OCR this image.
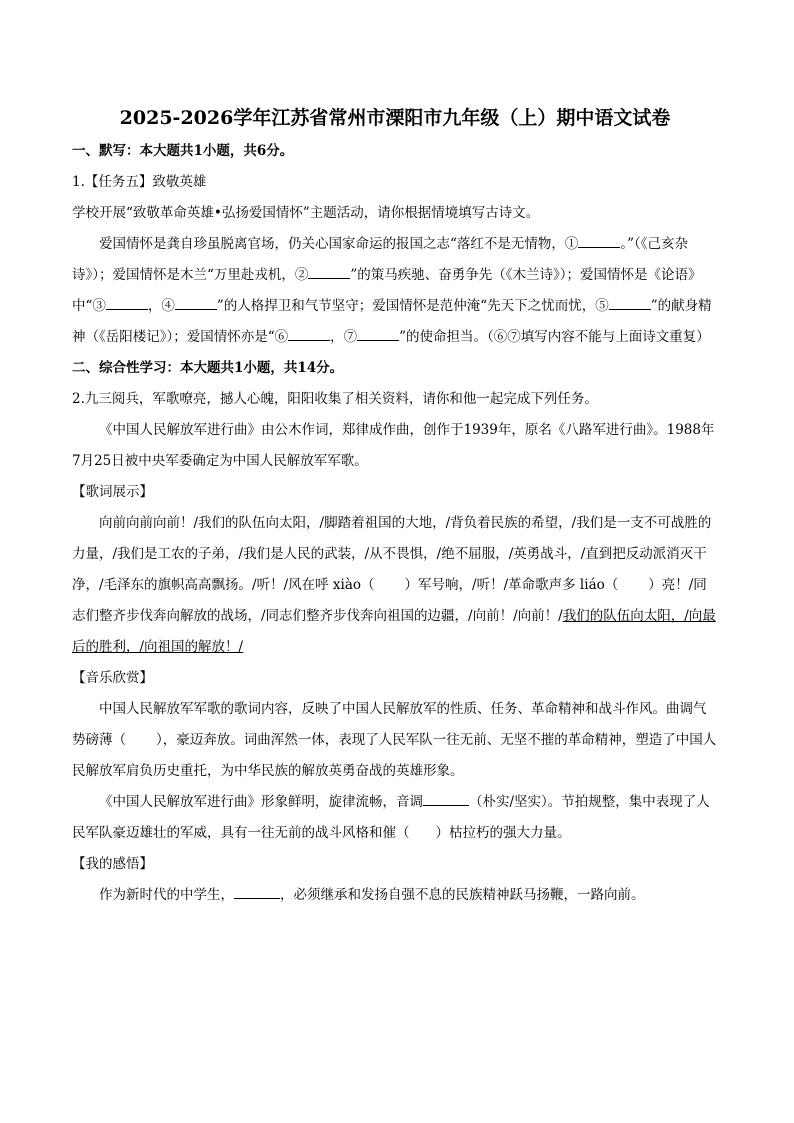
2025-2026学年江苏省常州市溧阳市九年级（上）期中语文试卷

一、默写：本大题共1小题，共6分。

1.【任务五】致敬英雄

学校开展“致敬革命英雄•弘扬爱国情怀”主题活动，请你根据情境填写古诗文。

爱国情怀是龚自珍虽脱离官场，仍关心国家命运的报国之志“落红不是无情物，①	。”（《己亥杂诗》）；爱国情怀是木兰“万里赴戎机，②	”的策马疾驰、奋勇争先（《木兰诗》）；爱国情怀是《论语》中“③	，④	”的人格捍卫和气节坚守；爱国情怀是范仲淹“先天下之忧而忧，⑤	”的献身精神（《岳阳楼记》）；爱国情怀亦是“⑥	，⑦	”的使命担当。（⑥⑦填写内容不能与上面诗文重复）

二、综合性学习：本大题共1小题，共14分。

2.九三阅兵，军歌嘹亮，撼人心魄，阳阳收集了相关资料，请你和他一起完成下列任务。

《中国人民解放军进行曲》由公木作词，郑律成作曲，创作于1939年，原名《八路军进行曲》。1988年7月25日被中央军委确定为中国人民解放军军歌。

【歌词展示】

向前向前向前！/我们的队伍向太阳，/脚踏着祖国的大地，/背负着民族的希望，/我们是一支不可战胜的力量，/我们是工农的子弟，/我们是人民的武装，/从不畏惧，/绝不屈服，/英勇战斗，/直到把反动派消灭干净，/毛泽东的旗帜高高飘扬。/听！/风在呼 xiào（ ）军号响，/听！/革命歌声多 liáo（ ）亮！/同志们整齐步伐奔向解放的战场，/同志们整齐步伐奔向祖国的边疆，/向前！/向前！/我们的队伍向太阳，/向最后的胜利，/向祖国的解放！/

【音乐欣赏】

中国人民解放军军歌的歌词内容，反映了中国人民解放军的性质、任务、革命精神和战斗作风。曲调气势磅薄（ ），豪迈奔放。词曲浑然一体，表现了人民军队一往无前、无坚不摧的革命精神，塑造了中国人民解放军肩负历史重托，为中华民族的解放英勇奋战的英雄形象。

《中国人民解放军进行曲》形象鲜明，旋律流畅，音调	（朴实/坚实）。节拍规整，集中表现了人民军队豪迈雄壮的军威，具有一往无前的战斗风格和催（ ）枯拉朽的强大力量。

【我的感悟】

作为新时代的中学生，	，必须继承和发扬自强不息的民族精神跃马扬鞭，一路向前。
